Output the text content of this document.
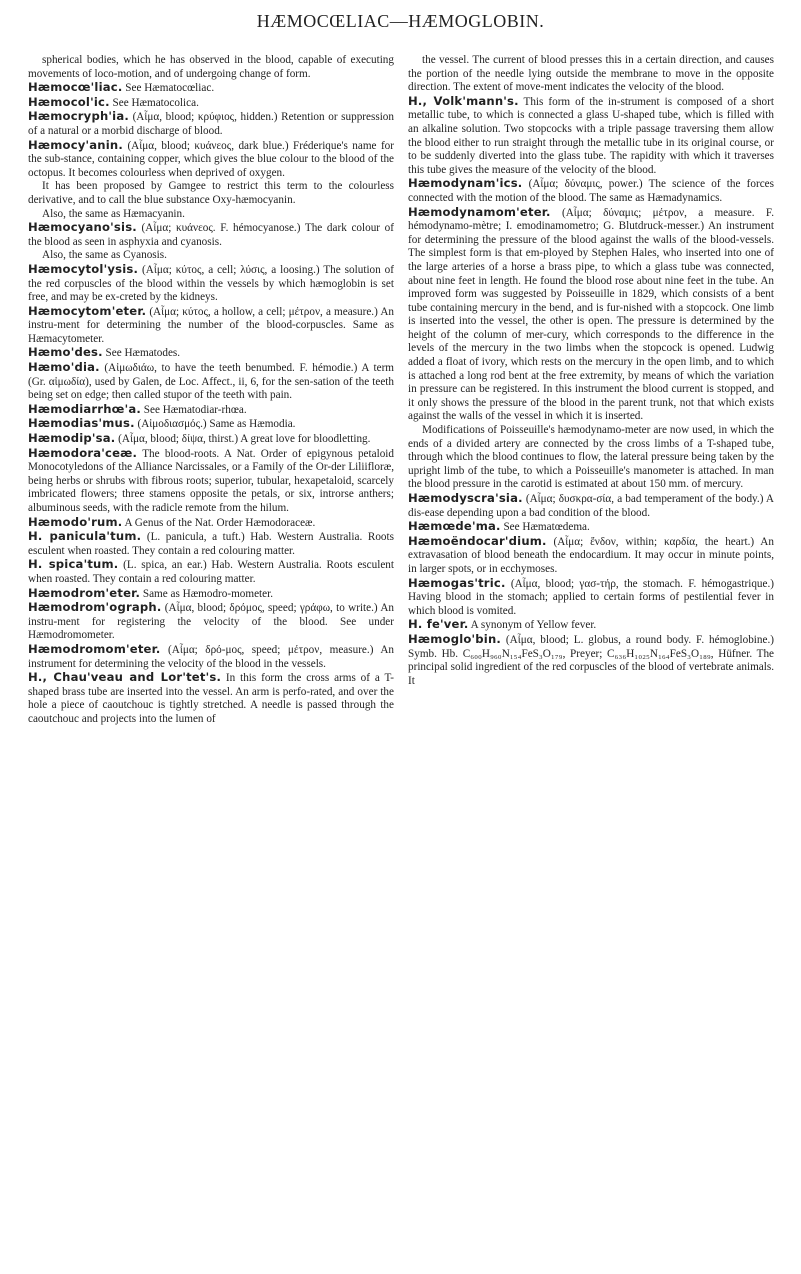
HÆMOCŒLIAC—HÆMOGLOBIN.

spherical bodies, which he has observed in the blood, capable of executing movements of loco-motion, and of undergoing change of form.

Hæmocœ'liac. See Hæmatocœliac.

Hæmocol'ic. See Hæmatocolica.

Hæmocryph'ia. (Αἷμα, blood; κρύφιος, hidden.) Retention or suppression of a natural or a morbid discharge of blood.

Hæmocy'anin. (Αἷμα, blood; κυάνεος, dark blue.) Fréderique's name for the sub-stance, containing copper, which gives the blue colour to the blood of the octopus. It becomes colourless when deprived of oxygen.

It has been proposed by Gamgee to restrict this term to the colourless derivative, and to call the blue substance Oxy-hæmocyanin.

Also, the same as Hæmacyanin.

Hæmocyano'sis. (Αἷμα; κυάνεος. F. hémocyanose.) The dark colour of the blood as seen in asphyxia and cyanosis.

Also, the same as Cyanosis.

Hæmocytol'ysis. (Αἷμα; κύτος, a cell; λύσις, a loosing.) The solution of the red corpuscles of the blood within the vessels by which hæmoglobin is set free, and may be ex-creted by the kidneys.

Hæmocytom'eter. (Αἷμα; κύτος, a hollow, a cell; μέτρον, a measure.) An instru-ment for determining the number of the blood-corpuscles. Same as Hæmacytometer.

Hæmo'des. See Hæmatodes.

Hæmo'dia. (Αἱμωδιάω, to have the teeth benumbed. F. hémodie.) A term (Gr. αἱμωδία), used by Galen, de Loc. Affect., ii, 6, for the sen-sation of the teeth being set on edge; then called stupor of the teeth with pain.

Hæmodiarrhœ'a. See Hæmatodiar-rhœa.

Hæmodias'mus. (Αἱμοδιασμός.) Same as Hæmodia.

Hæmodip'sa. (Αἷμα, blood; δίψα, thirst.) A great love for bloodletting.

Hæmodora'ceæ. The blood-roots. A Nat. Order of epigynous petaloid Monocotyledons of the Alliance Narcissales, or a Family of the Or-der Liliifloræ, being herbs or shrubs with fibrous roots; superior, tubular, hexapetaloid, scarcely imbricated flowers; three stamens opposite the petals, or six, introrse anthers; albuminous seeds, with the radicle remote from the hilum.

Hæmodo'rum. A Genus of the Nat. Order Hæmodoraceæ.

H. panicula'tum. (L. panicula, a tuft.) Hab. Western Australia. Roots esculent when roasted. They contain a red colouring matter.

H. spica'tum. (L. spica, an ear.) Hab. Western Australia. Roots esculent when roasted. They contain a red colouring matter.

Hæmodrom'eter. Same as Hæmodro-mometer.

Hæmodrom'ograph. (Αἷμα, blood; δρόμος, speed; γράφω, to write.) An instru-ment for registering the velocity of the blood. See under Hæmodromometer.

Hæmodromom'eter. (Αἷμα; δρό-μος, speed; μέτρον, measure.) An instrument for determining the velocity of the blood in the vessels.

H., Chau'veau and Lor'tet's. In this form the cross arms of a T-shaped brass tube are inserted into the vessel. An arm is perfo-rated, and over the hole a piece of caoutchouc is tightly stretched. A needle is passed through the caoutchouc and projects into the lumen of

the vessel. The current of blood presses this in a certain direction, and causes the portion of the needle lying outside the membrane to move in the opposite direction. The extent of move-ment indicates the velocity of the blood.

H., Volk'mann's. This form of the in-strument is composed of a short metallic tube, to which is connected a glass U-shaped tube, which is filled with an alkaline solution. Two stopcocks with a triple passage traversing them allow the blood either to run straight through the metallic tube in its original course, or to be suddenly diverted into the glass tube. The rapidity with which it traverses this tube gives the measure of the velocity of the blood.

Hæmodynam'ics. (Αἷμα; δύναμις, power.) The science of the forces connected with the motion of the blood. The same as Hæmadynamics.

Hæmodynamom'eter. (Αἷμα; δύναμις; μέτρον, a measure. F. hémodynamo-mètre; I. emodinamometro; G. Blutdruck-messer.) An instrument for determining the pressure of the blood against the walls of the blood-vessels. The simplest form is that em-ployed by Stephen Hales, who inserted into one of the large arteries of a horse a brass pipe, to which a glass tube was connected, about nine feet in length. He found the blood rose about nine feet in the tube. An improved form was suggested by Poisseuille in 1829, which consists of a bent tube containing mercury in the bend, and is fur-nished with a stopcock. One limb is inserted into the vessel, the other is open. The pressure is determined by the height of the column of mer-cury, which corresponds to the difference in the levels of the mercury in the two limbs when the stopcock is opened. Ludwig added a float of ivory, which rests on the mercury in the open limb, and to which is attached a long rod bent at the free extremity, by means of which the variation in pressure can be registered. In this instrument the blood current is stopped, and it only shows the pressure of the blood in the parent trunk, not that which exists against the walls of the vessel in which it is inserted.

Modifications of Poisseuille's hæmodynamo-meter are now used, in which the ends of a divided artery are connected by the cross limbs of a T-shaped tube, through which the blood continues to flow, the lateral pressure being taken by the upright limb of the tube, to which a Poisseuille's manometer is attached. In man the blood pressure in the carotid is estimated at about 150 mm. of mercury.

Hæmodyscra'sia. (Αἷμα; δυσκρα-σία, a bad temperament of the body.) A dis-ease depending upon a bad condition of the blood.

Hæmœde'ma. See Hæmatœdema.

Hæmoëndocar'dium. (Αἷμα; ἔνδον, within; καρδία, the heart.) An extravasation of blood beneath the endocardium. It may occur in minute points, in larger spots, or in ecchymoses.

Hæmogas'tric. (Αἷμα, blood; γασ-τήρ, the stomach. F. hémogastrique.) Having blood in the stomach; applied to certain forms of pestilential fever in which blood is vomited.

H. fe'ver. A synonym of Yellow fever.

Hæmoglo'bin. (Αἷμα, blood; L. globus, a round body. F. hémoglobine.) Symb. Hb. C₆₀₀H₉₆₀N₁₅₄FeS₃O₁₇₉, Preyer; C₆₃₆H₁₀₂₅N₁₆₄FeS₃O₁₈₉, Hüfner. The principal solid ingredient of the red corpuscles of the blood of vertebrate animals. It
